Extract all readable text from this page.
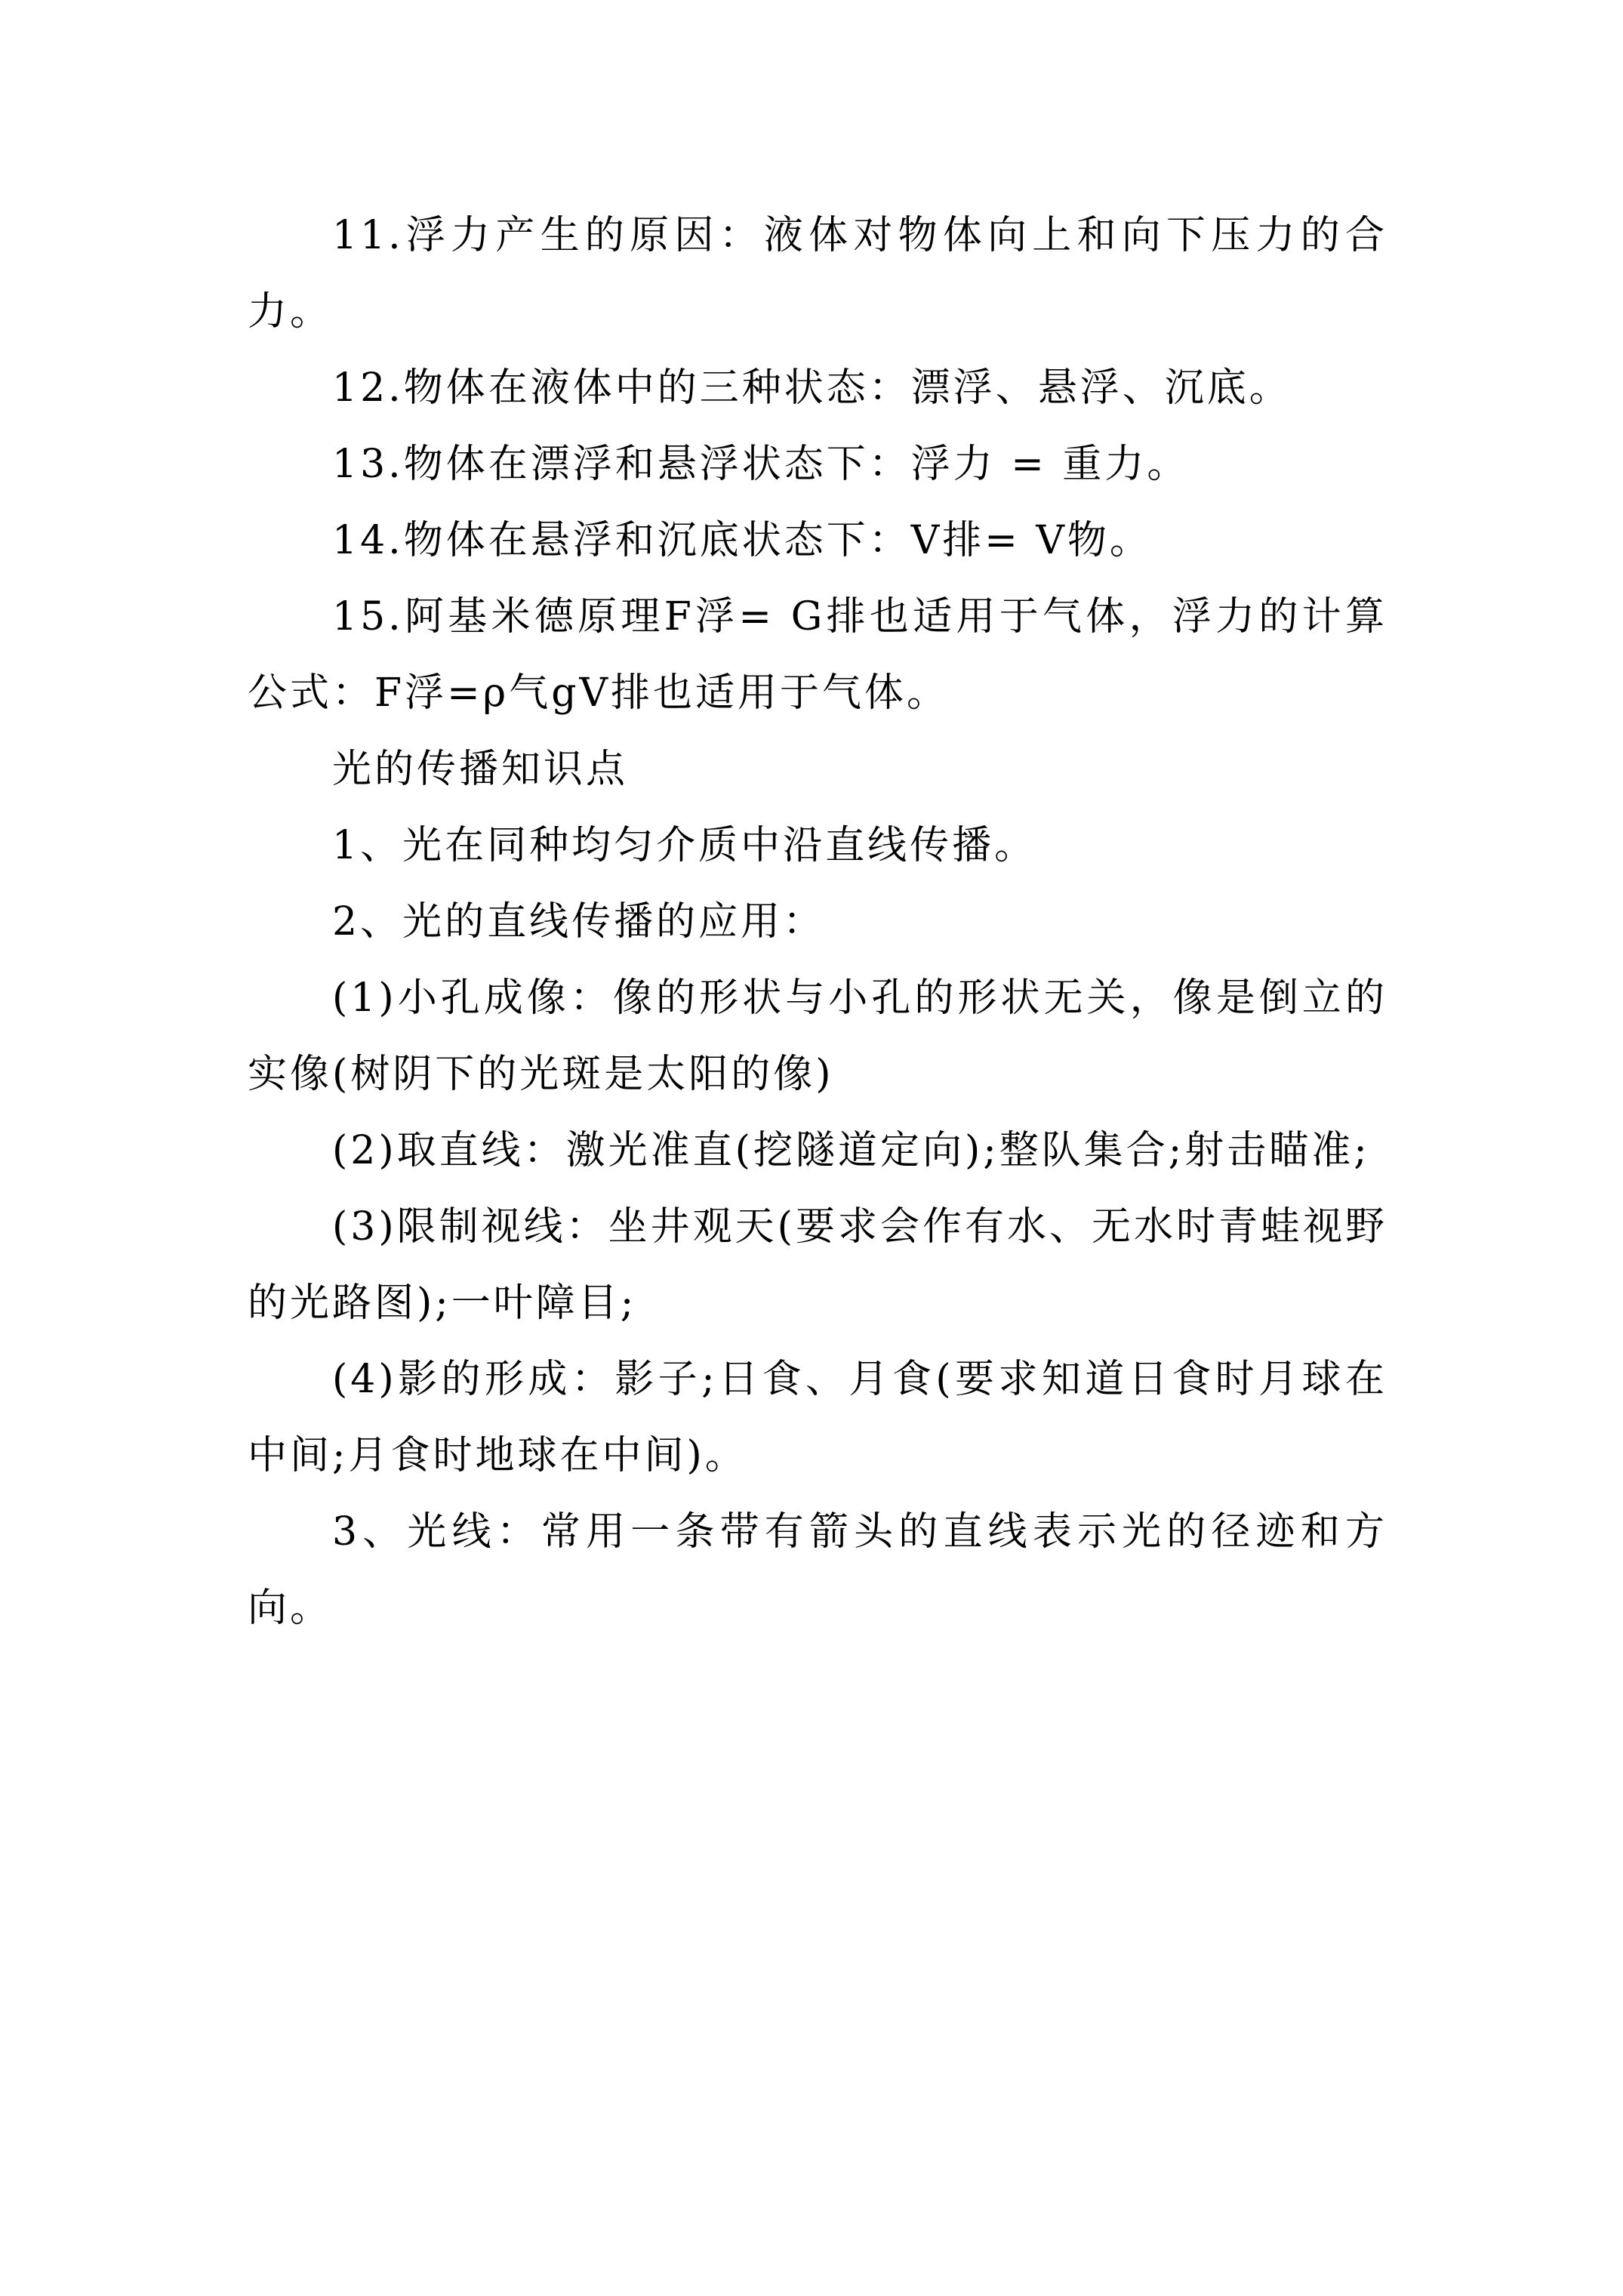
11.浮力产生的原因：液体对物体向上和向下压力的合力。

12.物体在液体中的三种状态：漂浮、悬浮、沉底。

13.物体在漂浮和悬浮状态下：浮力 = 重力。

14.物体在悬浮和沉底状态下：V排= V物。

15.阿基米德原理F浮= G排也适用于气体，浮力的计算公式：F浮=ρ气gV排也适用于气体。

光的传播知识点

1、光在同种均匀介质中沿直线传播。

2、光的直线传播的应用：

(1)小孔成像：像的形状与小孔的形状无关，像是倒立的实像(树阴下的光斑是太阳的像)

(2)取直线：激光准直(挖隧道定向);整队集合;射击瞄准;

(3)限制视线：坐井观天(要求会作有水、无水时青蛙视野的光路图);一叶障目;

(4)影的形成：影子;日食、月食(要求知道日食时月球在中间;月食时地球在中间)。

3、光线：常用一条带有箭头的直线表示光的径迹和方向。
